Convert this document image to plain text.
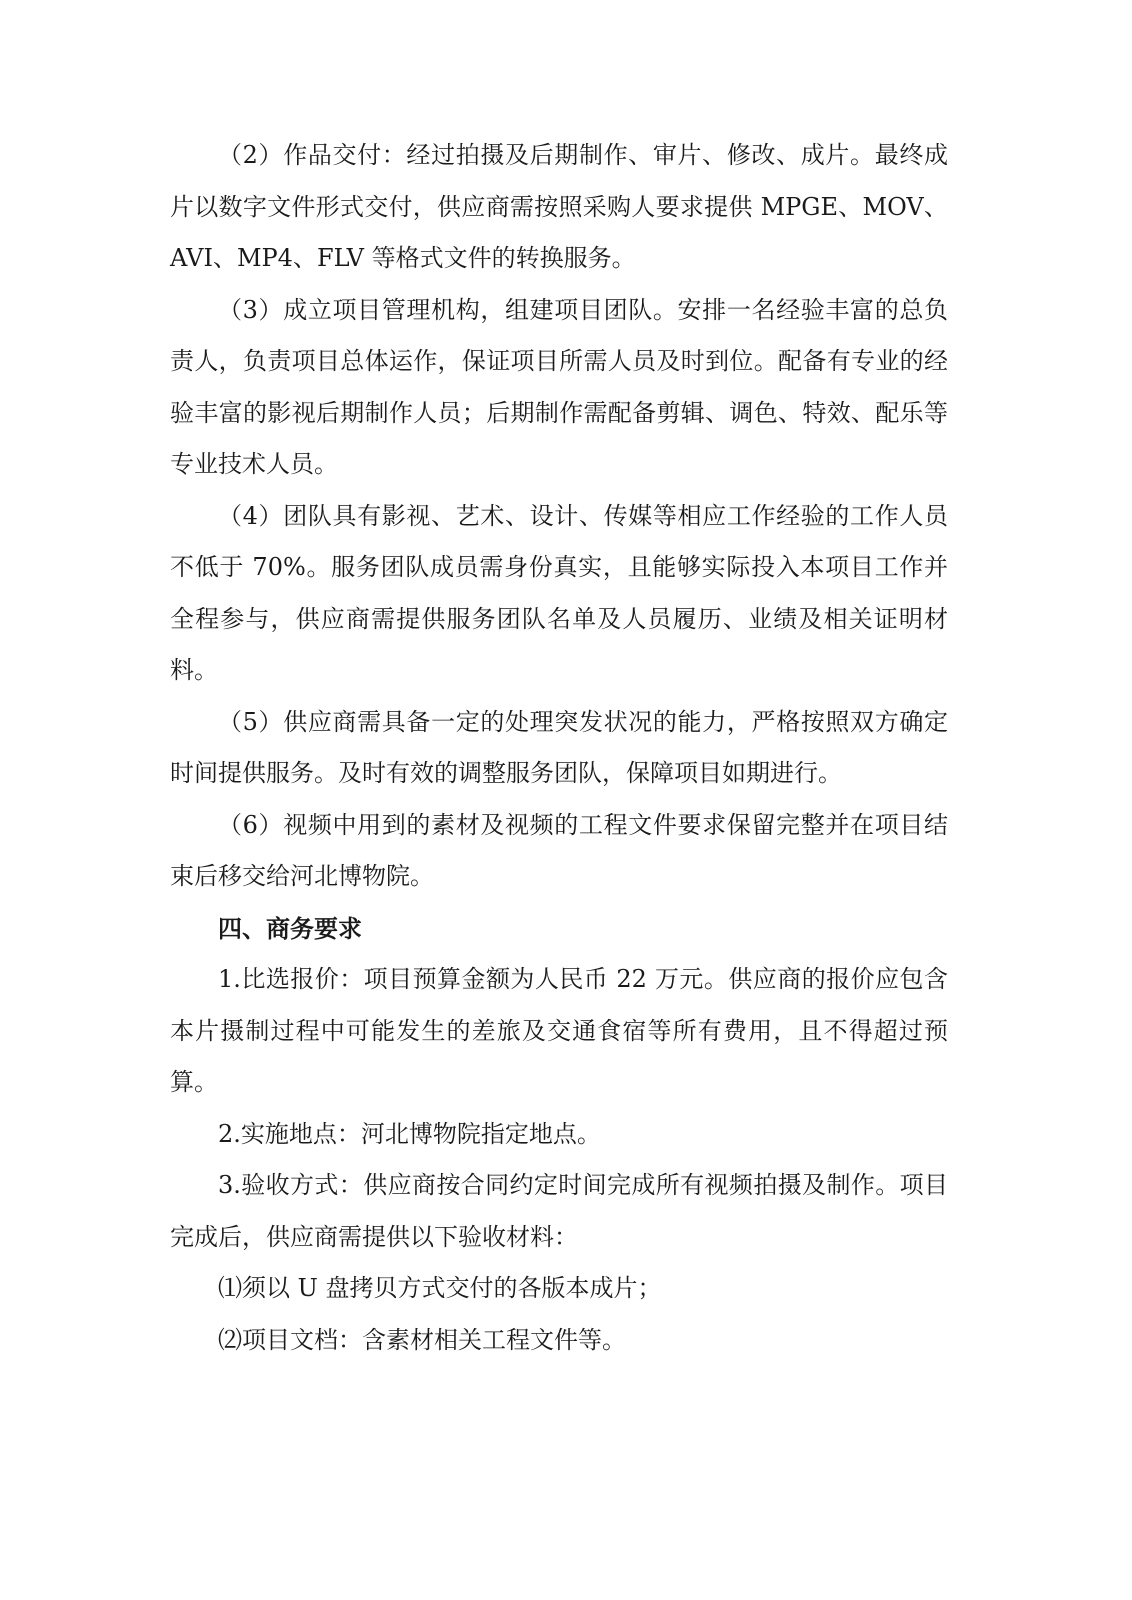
（2）作品交付：经过拍摄及后期制作、审片、修改、成片。最终成片以数字文件形式交付，供应商需按照采购人要求提供 MPGE、MOV、AVI、MP4、FLV 等格式文件的转换服务。

（3）成立项目管理机构，组建项目团队。安排一名经验丰富的总负责人，负责项目总体运作，保证项目所需人员及时到位。配备有专业的经验丰富的影视后期制作人员；后期制作需配备剪辑、调色、特效、配乐等专业技术人员。

（4）团队具有影视、艺术、设计、传媒等相应工作经验的工作人员不低于 70%。服务团队成员需身份真实，且能够实际投入本项目工作并全程参与，供应商需提供服务团队名单及人员履历、业绩及相关证明材料。

（5）供应商需具备一定的处理突发状况的能力，严格按照双方确定时间提供服务。及时有效的调整服务团队，保障项目如期进行。

（6）视频中用到的素材及视频的工程文件要求保留完整并在项目结束后移交给河北博物院。

四、商务要求

1.比选报价：项目预算金额为人民币 22 万元。供应商的报价应包含本片摄制过程中可能发生的差旅及交通食宿等所有费用，且不得超过预算。

2.实施地点：河北博物院指定地点。

3.验收方式：供应商按合同约定时间完成所有视频拍摄及制作。项目完成后，供应商需提供以下验收材料：

⑴须以 U 盘拷贝方式交付的各版本成片；

⑵项目文档：含素材相关工程文件等。
